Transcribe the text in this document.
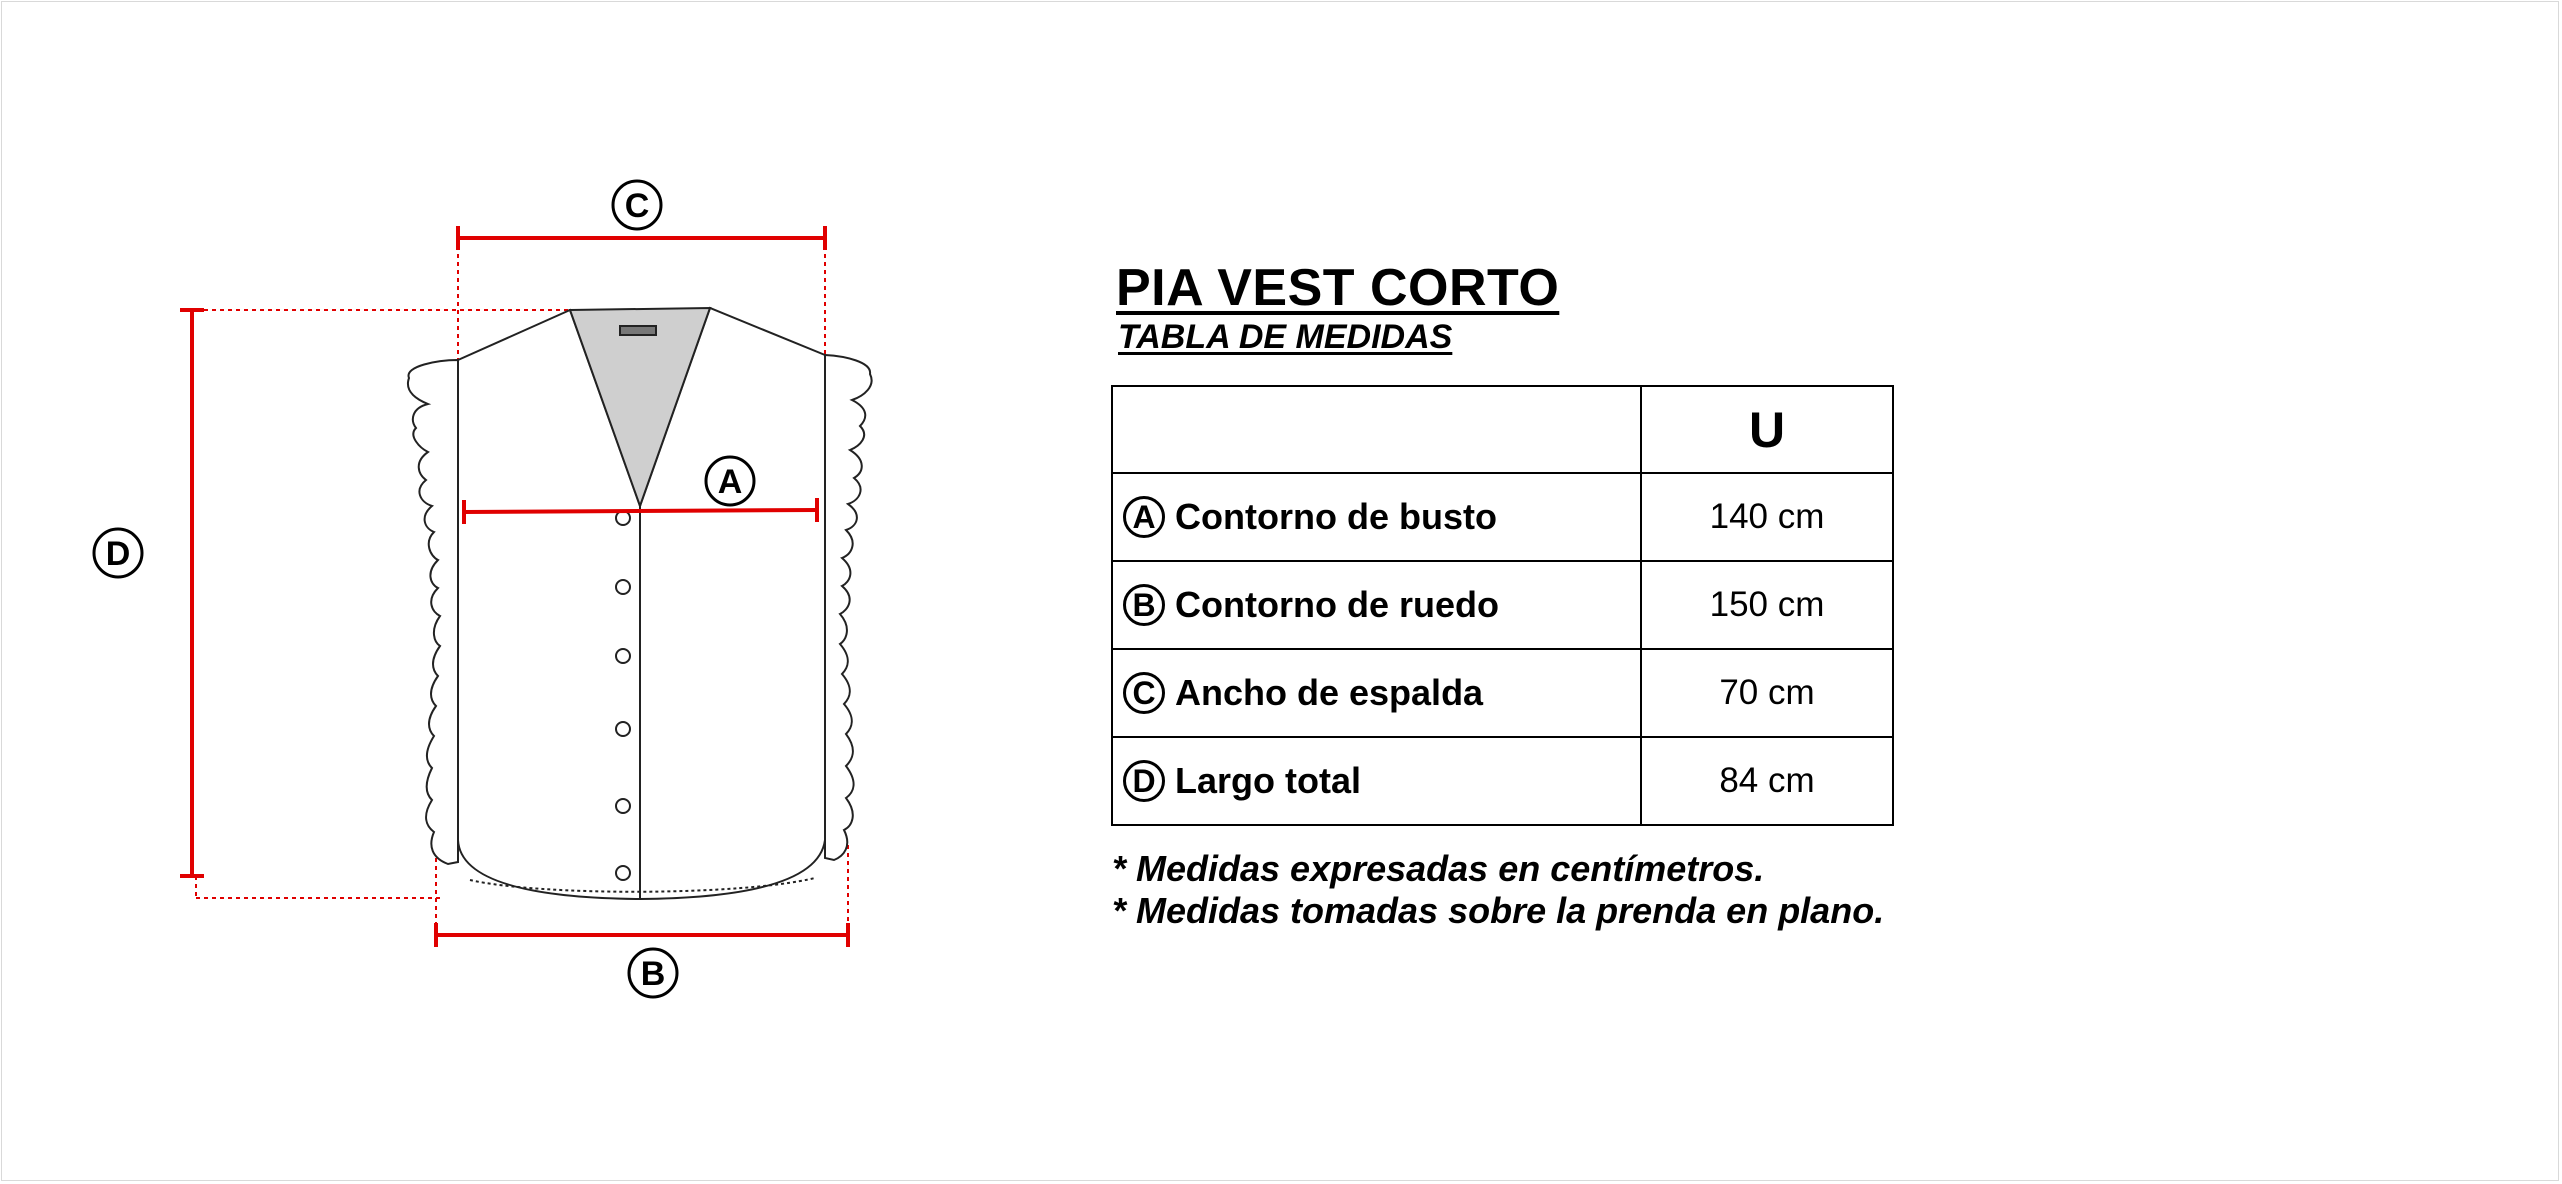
C
A
B
D
PIA VEST CORTO
TABLA DE MEDIDAS
	U

A Contorno de busto	140 cm

B Contorno de ruedo	150 cm

C Ancho de espalda	70 cm

D Largo total	84 cm
* Medidas expresadas en centímetros.
* Medidas tomadas sobre la prenda en plano.
